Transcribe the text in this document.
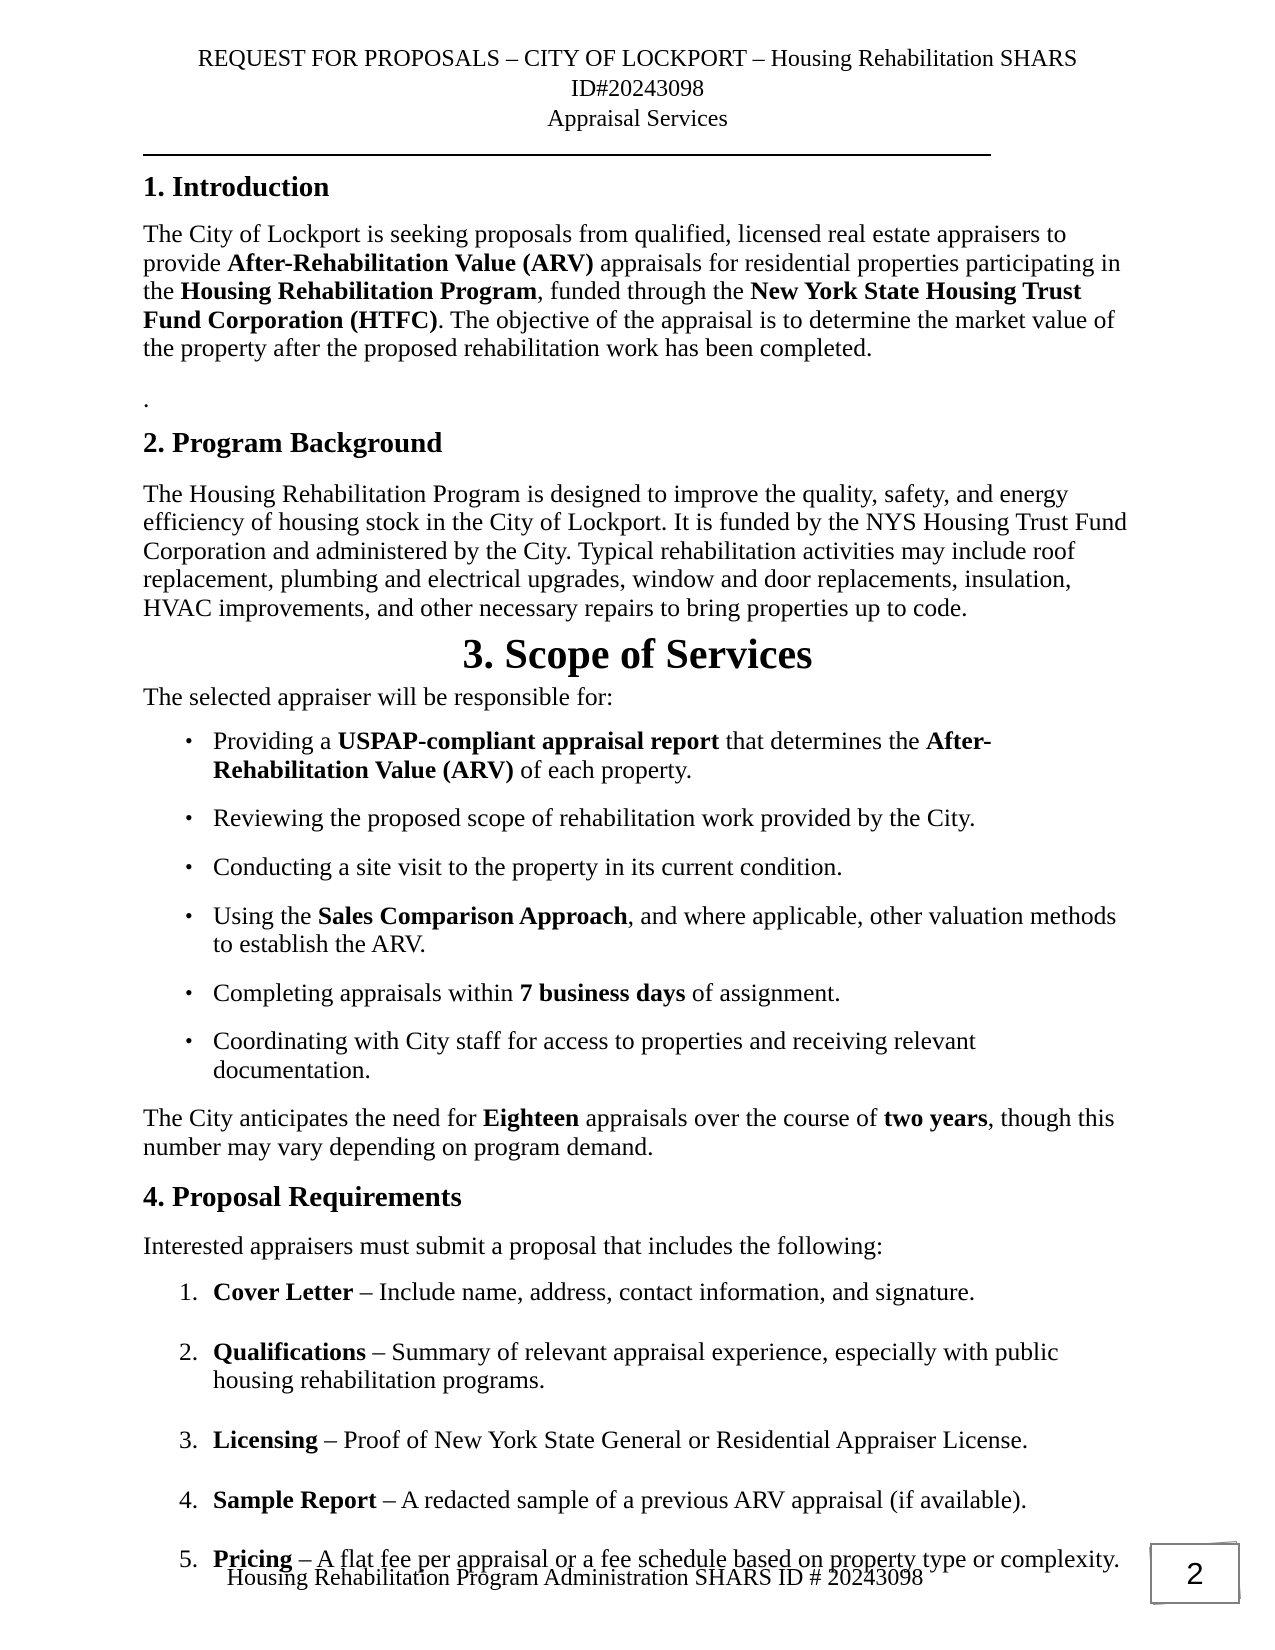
REQUEST FOR PROPOSALS – CITY OF LOCKPORT – Housing Rehabilitation SHARS ID#20243098
Appraisal Services
1. Introduction

The City of Lockport is seeking proposals from qualified, licensed real estate appraisers to provide After-Rehabilitation Value (ARV) appraisals for residential properties participating in the Housing Rehabilitation Program, funded through the New York State Housing Trust Fund Corporation (HTFC). The objective of the appraisal is to determine the market value of the property after the proposed rehabilitation work has been completed.

.

2. Program Background

The Housing Rehabilitation Program is designed to improve the quality, safety, and energy efficiency of housing stock in the City of Lockport. It is funded by the NYS Housing Trust Fund Corporation and administered by the City. Typical rehabilitation activities may include roof replacement, plumbing and electrical upgrades, window and door replacements, insulation, HVAC improvements, and other necessary repairs to bring properties up to code.

3. Scope of Services

The selected appraiser will be responsible for:

• Providing a USPAP-compliant appraisal report that determines the After-Rehabilitation Value (ARV) of each property.
• Reviewing the proposed scope of rehabilitation work provided by the City.
• Conducting a site visit to the property in its current condition.
• Using the Sales Comparison Approach, and where applicable, other valuation methods to establish the ARV.
• Completing appraisals within 7 business days of assignment.
• Coordinating with City staff for access to properties and receiving relevant documentation.

The City anticipates the need for Eighteen appraisals over the course of two years, though this number may vary depending on program demand.

4. Proposal Requirements

Interested appraisers must submit a proposal that includes the following:

1. Cover Letter – Include name, address, contact information, and signature.
2. Qualifications – Summary of relevant appraisal experience, especially with public housing rehabilitation programs.
3. Licensing – Proof of New York State General or Residential Appraiser License.
4. Sample Report – A redacted sample of a previous ARV appraisal (if available).
5. Pricing – A flat fee per appraisal or a fee schedule based on property type or complexity.
Housing Rehabilitation Program Administration SHARS ID # 20243098	2
